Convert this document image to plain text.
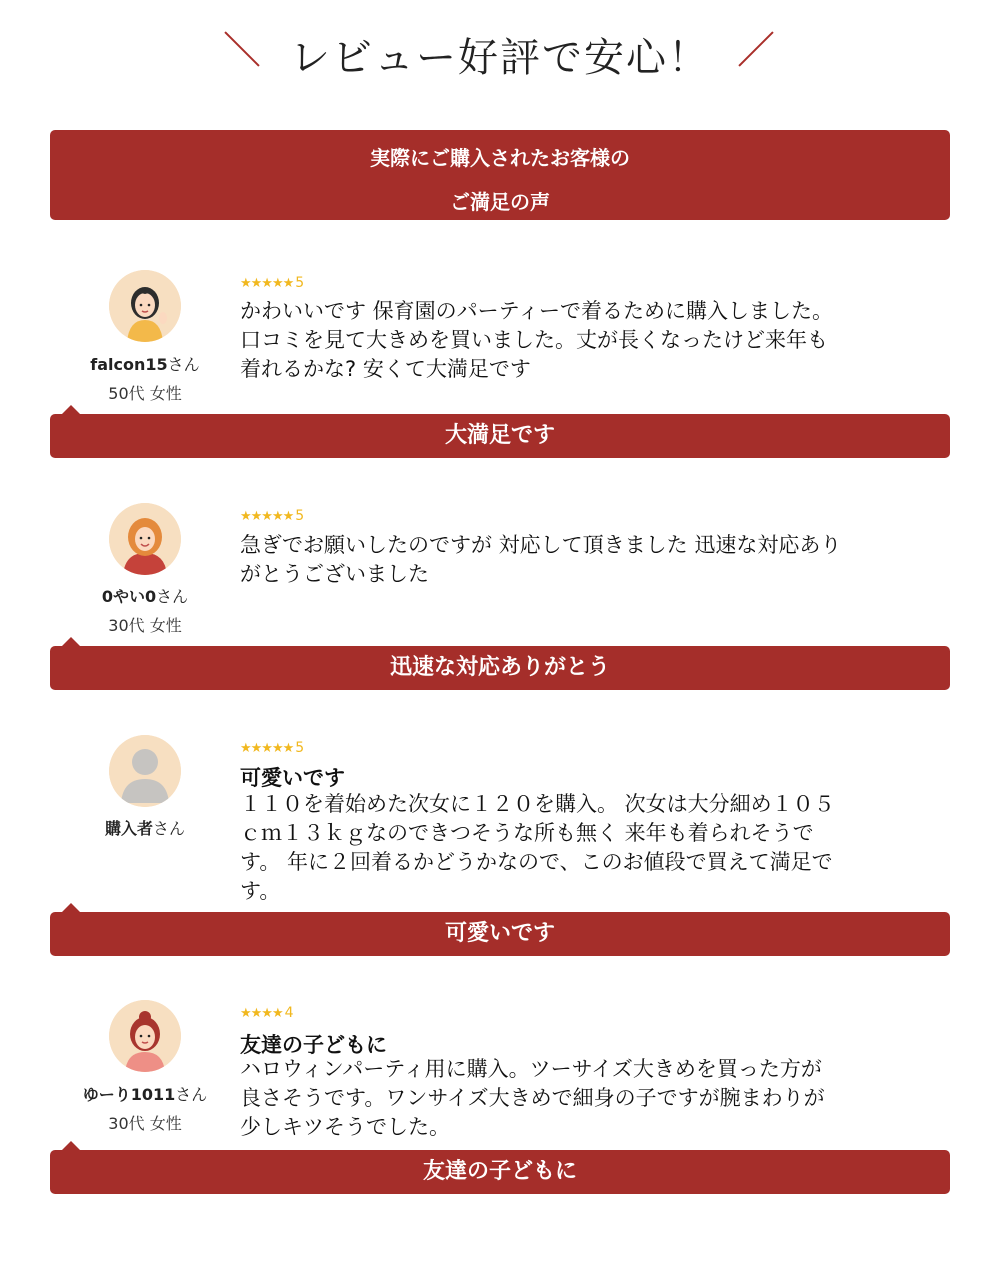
レビュー好評で安心！
実際にご購入されたお客様の
ご満足の声
falcon15さん
50代 女性
★★★★★ 5
かわいいです 保育園のパーティーで着るために購入しました。
口コミを見て大きめを買いました。丈が長くなったけど来年も
着れるかな? 安くて大満足です
大満足です
0やい0さん
30代 女性
★★★★★ 5
急ぎでお願いしたのですが 対応して頂きました 迅速な対応あり
がとうございました
迅速な対応ありがとう
購入者さん
★★★★★ 5
可愛いです
１１０を着始めた次女に１２０を購入。 次女は大分細め１０５
ｃｍ１３ｋｇなのできつそうな所も無く 来年も着られそうで
す。 年に２回着るかどうかなので、このお値段で買えて満足で
す。
可愛いです
ゆーり1011さん
30代 女性
★★★★ 4
友達の子どもに
ハロウィンパーティ用に購入。ツーサイズ大きめを買った方が
良さそうです。ワンサイズ大きめで細身の子ですが腕まわりが
少しキツそうでした。
友達の子どもに
